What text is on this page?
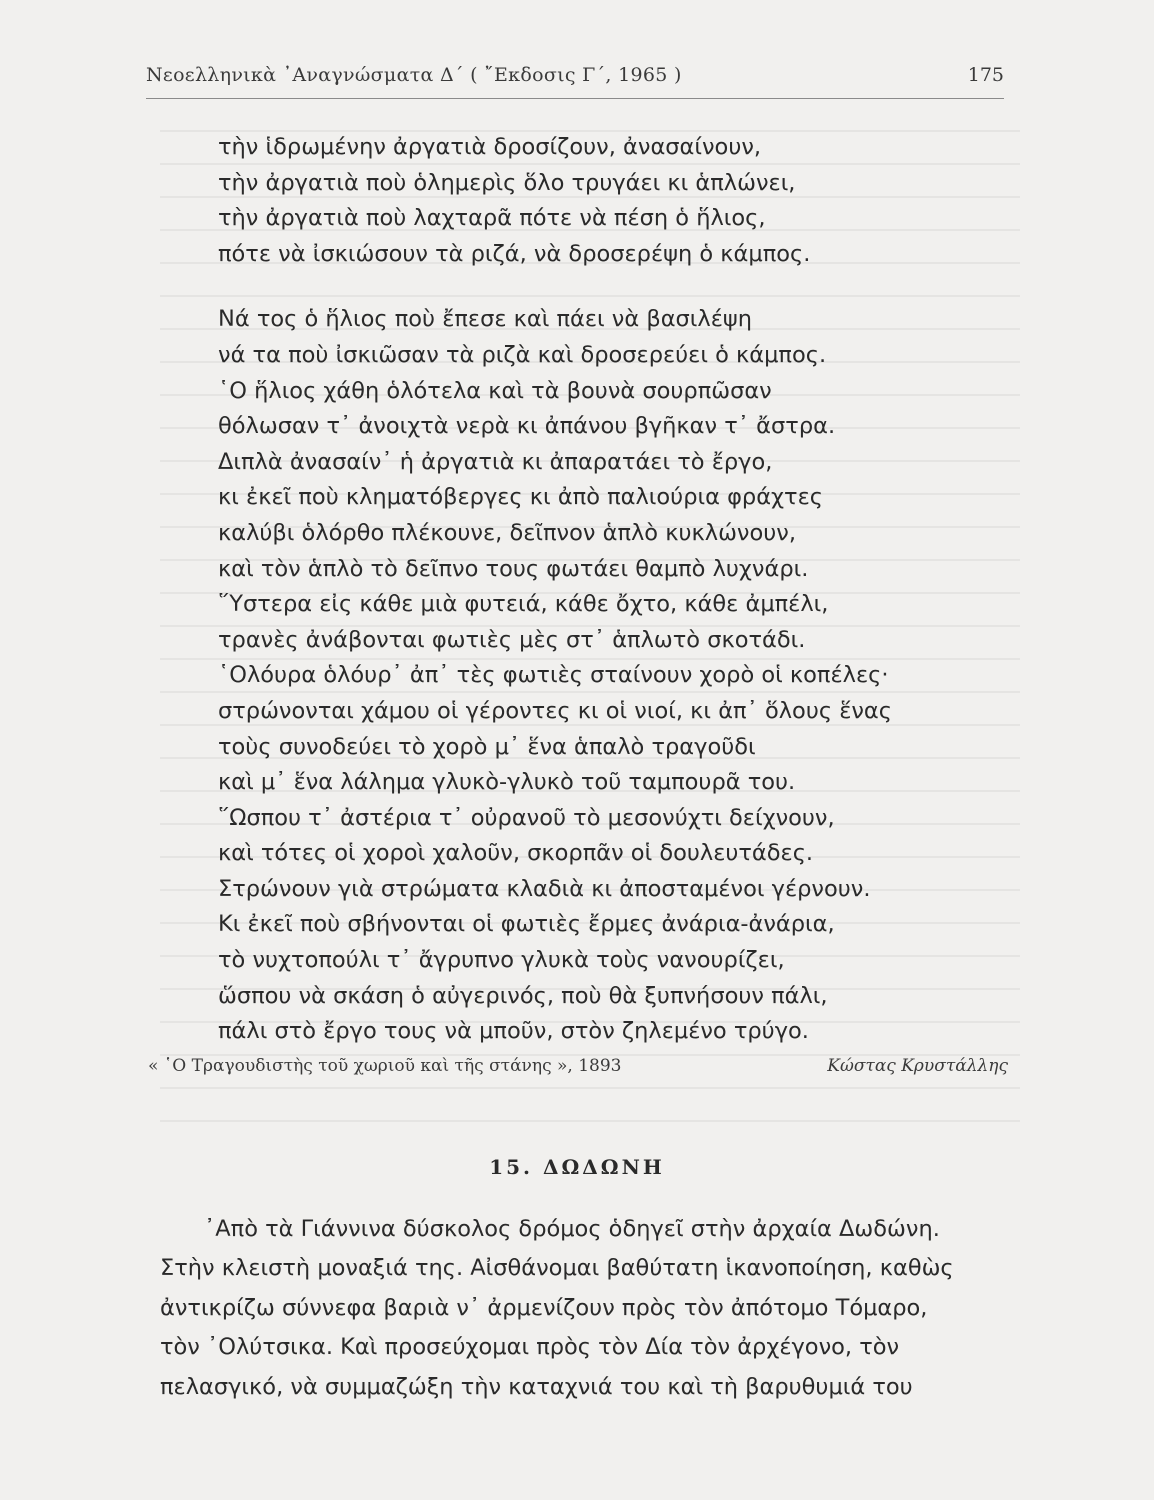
Νεοελληνικὰ ᾿Αναγνώσματα Δ΄ ( ῎Εκδοσις Γ΄, 1965 )	175
τὴν ἱδρωμένην ἀργατιὰ δροσίζουν, ἀνασαίνουν,
τὴν ἀργατιὰ ποὺ ὁλημερὶς ὅλο τρυγάει κι ἁπλώνει,
τὴν ἀργατιὰ ποὺ λαχταρᾶ πότε νὰ πέση ὁ ἥλιος,
πότε νὰ ἰσκιώσουν τὰ ριζά, νὰ δροσερέψη ὁ κάμπος.
Νά τος ὁ ἥλιος ποὺ ἔπεσε καὶ πάει νὰ βασιλέψη
νά τα ποὺ ἰσκιῶσαν τὰ ριζὰ καὶ δροσερεύει ὁ κάμπος.
῾Ο ἥλιος χάθη ὁλότελα καὶ τὰ βουνὰ σουρπῶσαν
θόλωσαν τ᾿ ἀνοιχτὰ νερὰ κι ἀπάνου βγῆκαν τ᾿ ἄστρα.
Διπλὰ ἀνασαίν᾿ ἡ ἀργατιὰ κι ἀπαρατάει τὸ ἔργο,
κι ἐκεῖ ποὺ κληματόβεργες κι ἀπὸ παλιούρια φράχτες
καλύβι ὁλόρθο πλέκουνε, δεῖπνον ἁπλὸ κυκλώνουν,
καὶ τὸν ἁπλὸ τὸ δεῖπνο τους φωτάει θαμπὸ λυχνάρι.
῞Υστερα εἰς κάθε μιὰ φυτειά, κάθε ὄχτο, κάθε ἀμπέλι,
τρανὲς ἀνάβονται φωτιὲς μὲς στ᾿ ἁπλωτὸ σκοτάδι.
῾Ολόυρα ὁλόυρ᾿ ἀπ᾿ τὲς φωτιὲς σταίνουν χορὸ οἱ κοπέλες·
στρώνονται χάμου οἱ γέροντες κι οἱ νιοί, κι ἀπ᾿ ὅλους ἕνας
τοὺς συνοδεύει τὸ χορὸ μ᾿ ἕνα ἁπαλὸ τραγοῦδι
καὶ μ᾿ ἕνα λάλημα γλυκὸ-γλυκὸ τοῦ ταμπουρᾶ του.
῞Ωσπου τ᾿ ἀστέρια τ᾿ οὐρανοῦ τὸ μεσονύχτι δείχνουν,
καὶ τότες οἱ χοροὶ χαλοῦν, σκορπᾶν οἱ δουλευτάδες.
Στρώνουν γιὰ στρώματα κλαδιὰ κι ἀποσταμένοι γέρνουν.
Κι ἐκεῖ ποὺ σβήνονται οἱ φωτιὲς ἔρμες ἀνάρια-ἀνάρια,
τὸ νυχτοπούλι τ᾿ ἄγρυπνο γλυκὰ τοὺς νανουρίζει,
ὥσπου νὰ σκάση ὁ αὐγερινός, ποὺ θὰ ξυπνήσουν πάλι,
πάλι στὸ ἔργο τους νὰ μποῦν, στὸν ζηλεμένο τρύγο.
« ῾Ο Τραγουδιστὴς τοῦ χωριοῦ καὶ τῆς στάνης », 1893	Κώστας Κρυστάλλης
15. ΔΩΔΩΝΗ
᾿Απὸ τὰ Γιάννινα δύσκολος δρόμος ὁδηγεῖ στὴν ἀρχαία Δωδώνη.
Στὴν κλειστὴ μοναξιά της. Αἰσθάνομαι βαθύτατη ἱκανοποίηση, καθὼς
ἀντικρίζω σύννεφα βαριὰ ν᾿ ἀρμενίζουν πρὸς τὸν ἀπότομο Τόμαρο,
τὸν ᾿Ολύτσικα. Καὶ προσεύχομαι πρὸς τὸν Δία τὸν ἀρχέγονο, τὸν
πελασγικό, νὰ συμμαζώξη τὴν καταχνιά του καὶ τὴ βαρυθυμιά του
